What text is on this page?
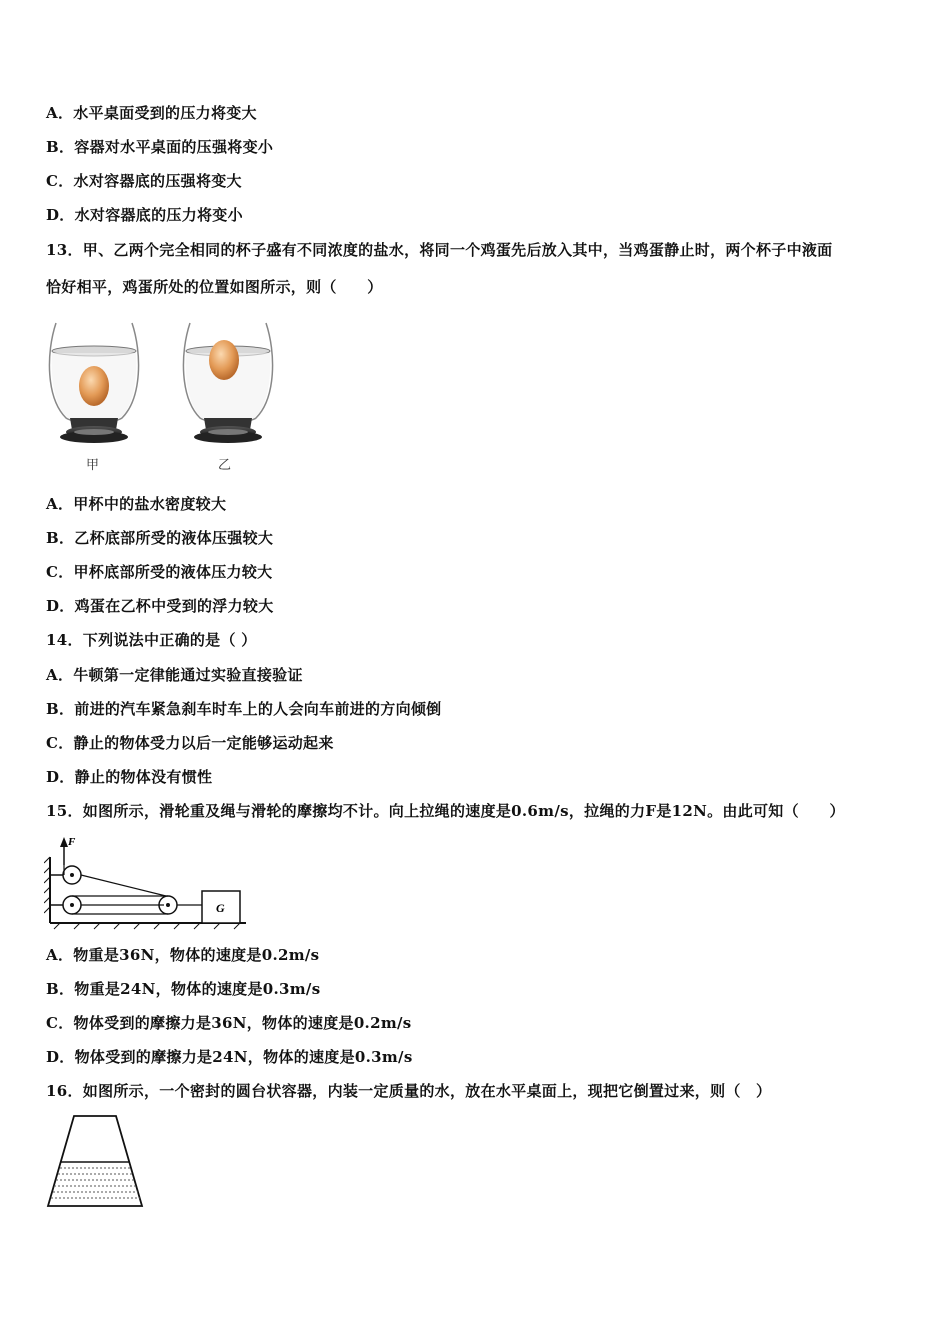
A．水平桌面受到的压力将变大
B．容器对水平桌面的压强将变小
C．水对容器底的压强将变大
D．水对容器底的压力将变小
13．甲、乙两个完全相同的杯子盛有不同浓度的盐水，将同一个鸡蛋先后放入其中，当鸡蛋静止时，两个杯子中液面
恰好相平，鸡蛋所处的位置如图所示，则（　　）
甲	乙
A．甲杯中的盐水密度较大
B．乙杯底部所受的液体压强较大
C．甲杯底部所受的液体压力较大
D．鸡蛋在乙杯中受到的浮力较大
14．下列说法中正确的是（ ）
A．牛顿第一定律能通过实验直接验证
B．前进的汽车紧急刹车时车上的人会向车前进的方向倾倒
C．静止的物体受力以后一定能够运动起来
D．静止的物体没有惯性
15．如图所示，滑轮重及绳与滑轮的摩擦均不计。向上拉绳的速度是0.6m/s，拉绳的力F是12N。由此可知（　　）
F
G
A．物重是36N，物体的速度是0.2m/s
B．物重是24N，物体的速度是0.3m/s
C．物体受到的摩擦力是36N，物体的速度是0.2m/s
D．物体受到的摩擦力是24N，物体的速度是0.3m/s
16．如图所示，一个密封的圆台状容器，内装一定质量的水，放在水平桌面上，现把它倒置过来，则（　）
